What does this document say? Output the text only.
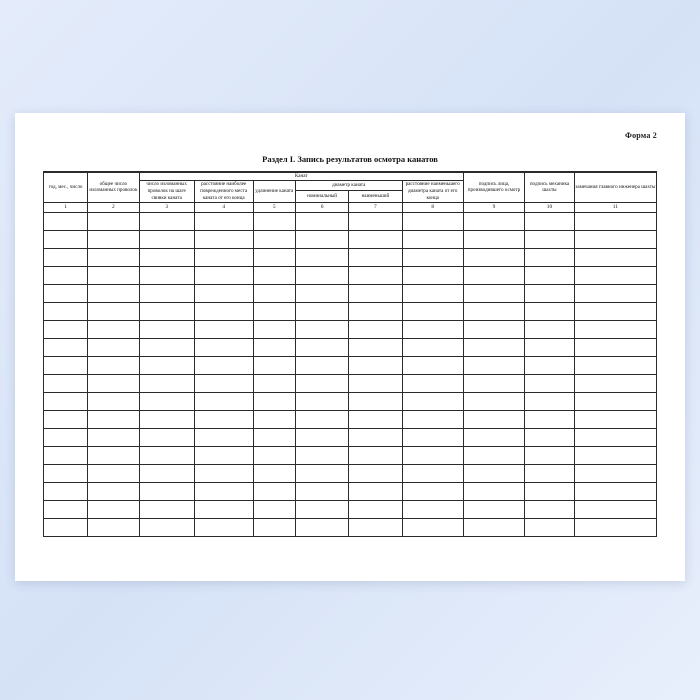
Форма 2
Раздел I. Запись результатов осмотра канатов
год, мес., число	общее число изломанных проволок	Канат						подпись лица, производившего осмотр	подпись механика шахты	замечания главного инженера шахты
		число изломанных проволок на шаге свивки каната	расстояние наиболее поврежденного места каната от его конца	удлинение каната	диаметр каната		расстояние наименьшего диаметра каната от его конца			
					номинальный	наименьший				
1	2	3	4	5	6	7	8	9	10	11
